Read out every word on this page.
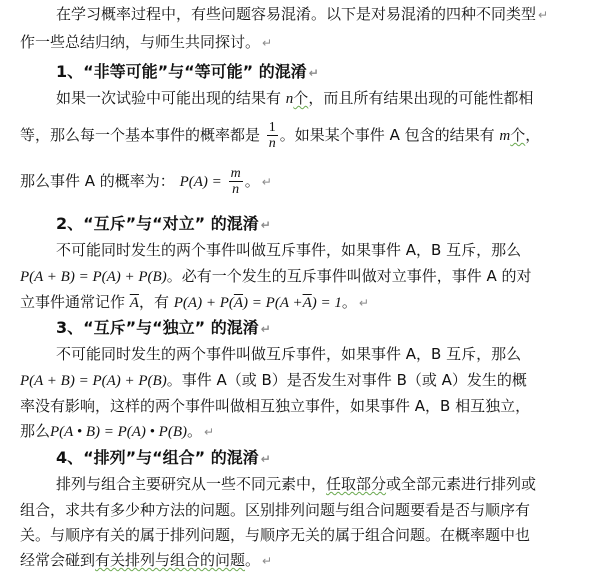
在学习概率过程中，有些问题容易混淆。以下是对易混淆的四种不同类型 ↵
作一些总结归纳，与师生共同探讨。 ↵
1、“非等可能”与“等可能” 的混淆 ↵
如果一次试验中可能出现的结果有 n个，而且所有结果出现的可能性都相
等，那么每一个基本事件的概率都是 $\frac{1}{n}$ 。如果某个事件 A 包含的结果有 m个，
那么事件 A 的概率为： $P(A) = \frac{m}{n}$ 。 ↵
2、“互斥”与“对立” 的混淆 ↵
不可能同时发生的两个事件叫做互斥事件，如果事件 A，B 互斥，那么
P(A + B) = P(A) + P(B)。必有一个发生的互斥事件叫做对立事件，事件 A 的对
立事件通常记作 $\overline{A}$，有 $P(A) + P(\overline{A}) = P(A +\overline{A}) = 1$。 ↵
3、“互斥”与“独立” 的混淆 ↵
不可能同时发生的两个事件叫做互斥事件，如果事件 A，B 互斥，那么
P(A + B) = P(A) + P(B)。事件 A（或 B）是否发生对事件 B（或 A）发生的概
率没有影响，这样的两个事件叫做相互独立事件，如果事件 A，B 相互独立，
那么P(A • B) = P(A) • P(B)。 ↵
4、“排列”与“组合” 的混淆 ↵
排列与组合主要研究从一些不同元素中，任取部分或全部元素进行排列或
组合，求共有多少种方法的问题。区别排列问题与组合问题要看是否与顺序有
关。与顺序有关的属于排列问题，与顺序无关的属于组合问题。在概率题中也
经常会碰到有关排列与组合的问题。 ↵
